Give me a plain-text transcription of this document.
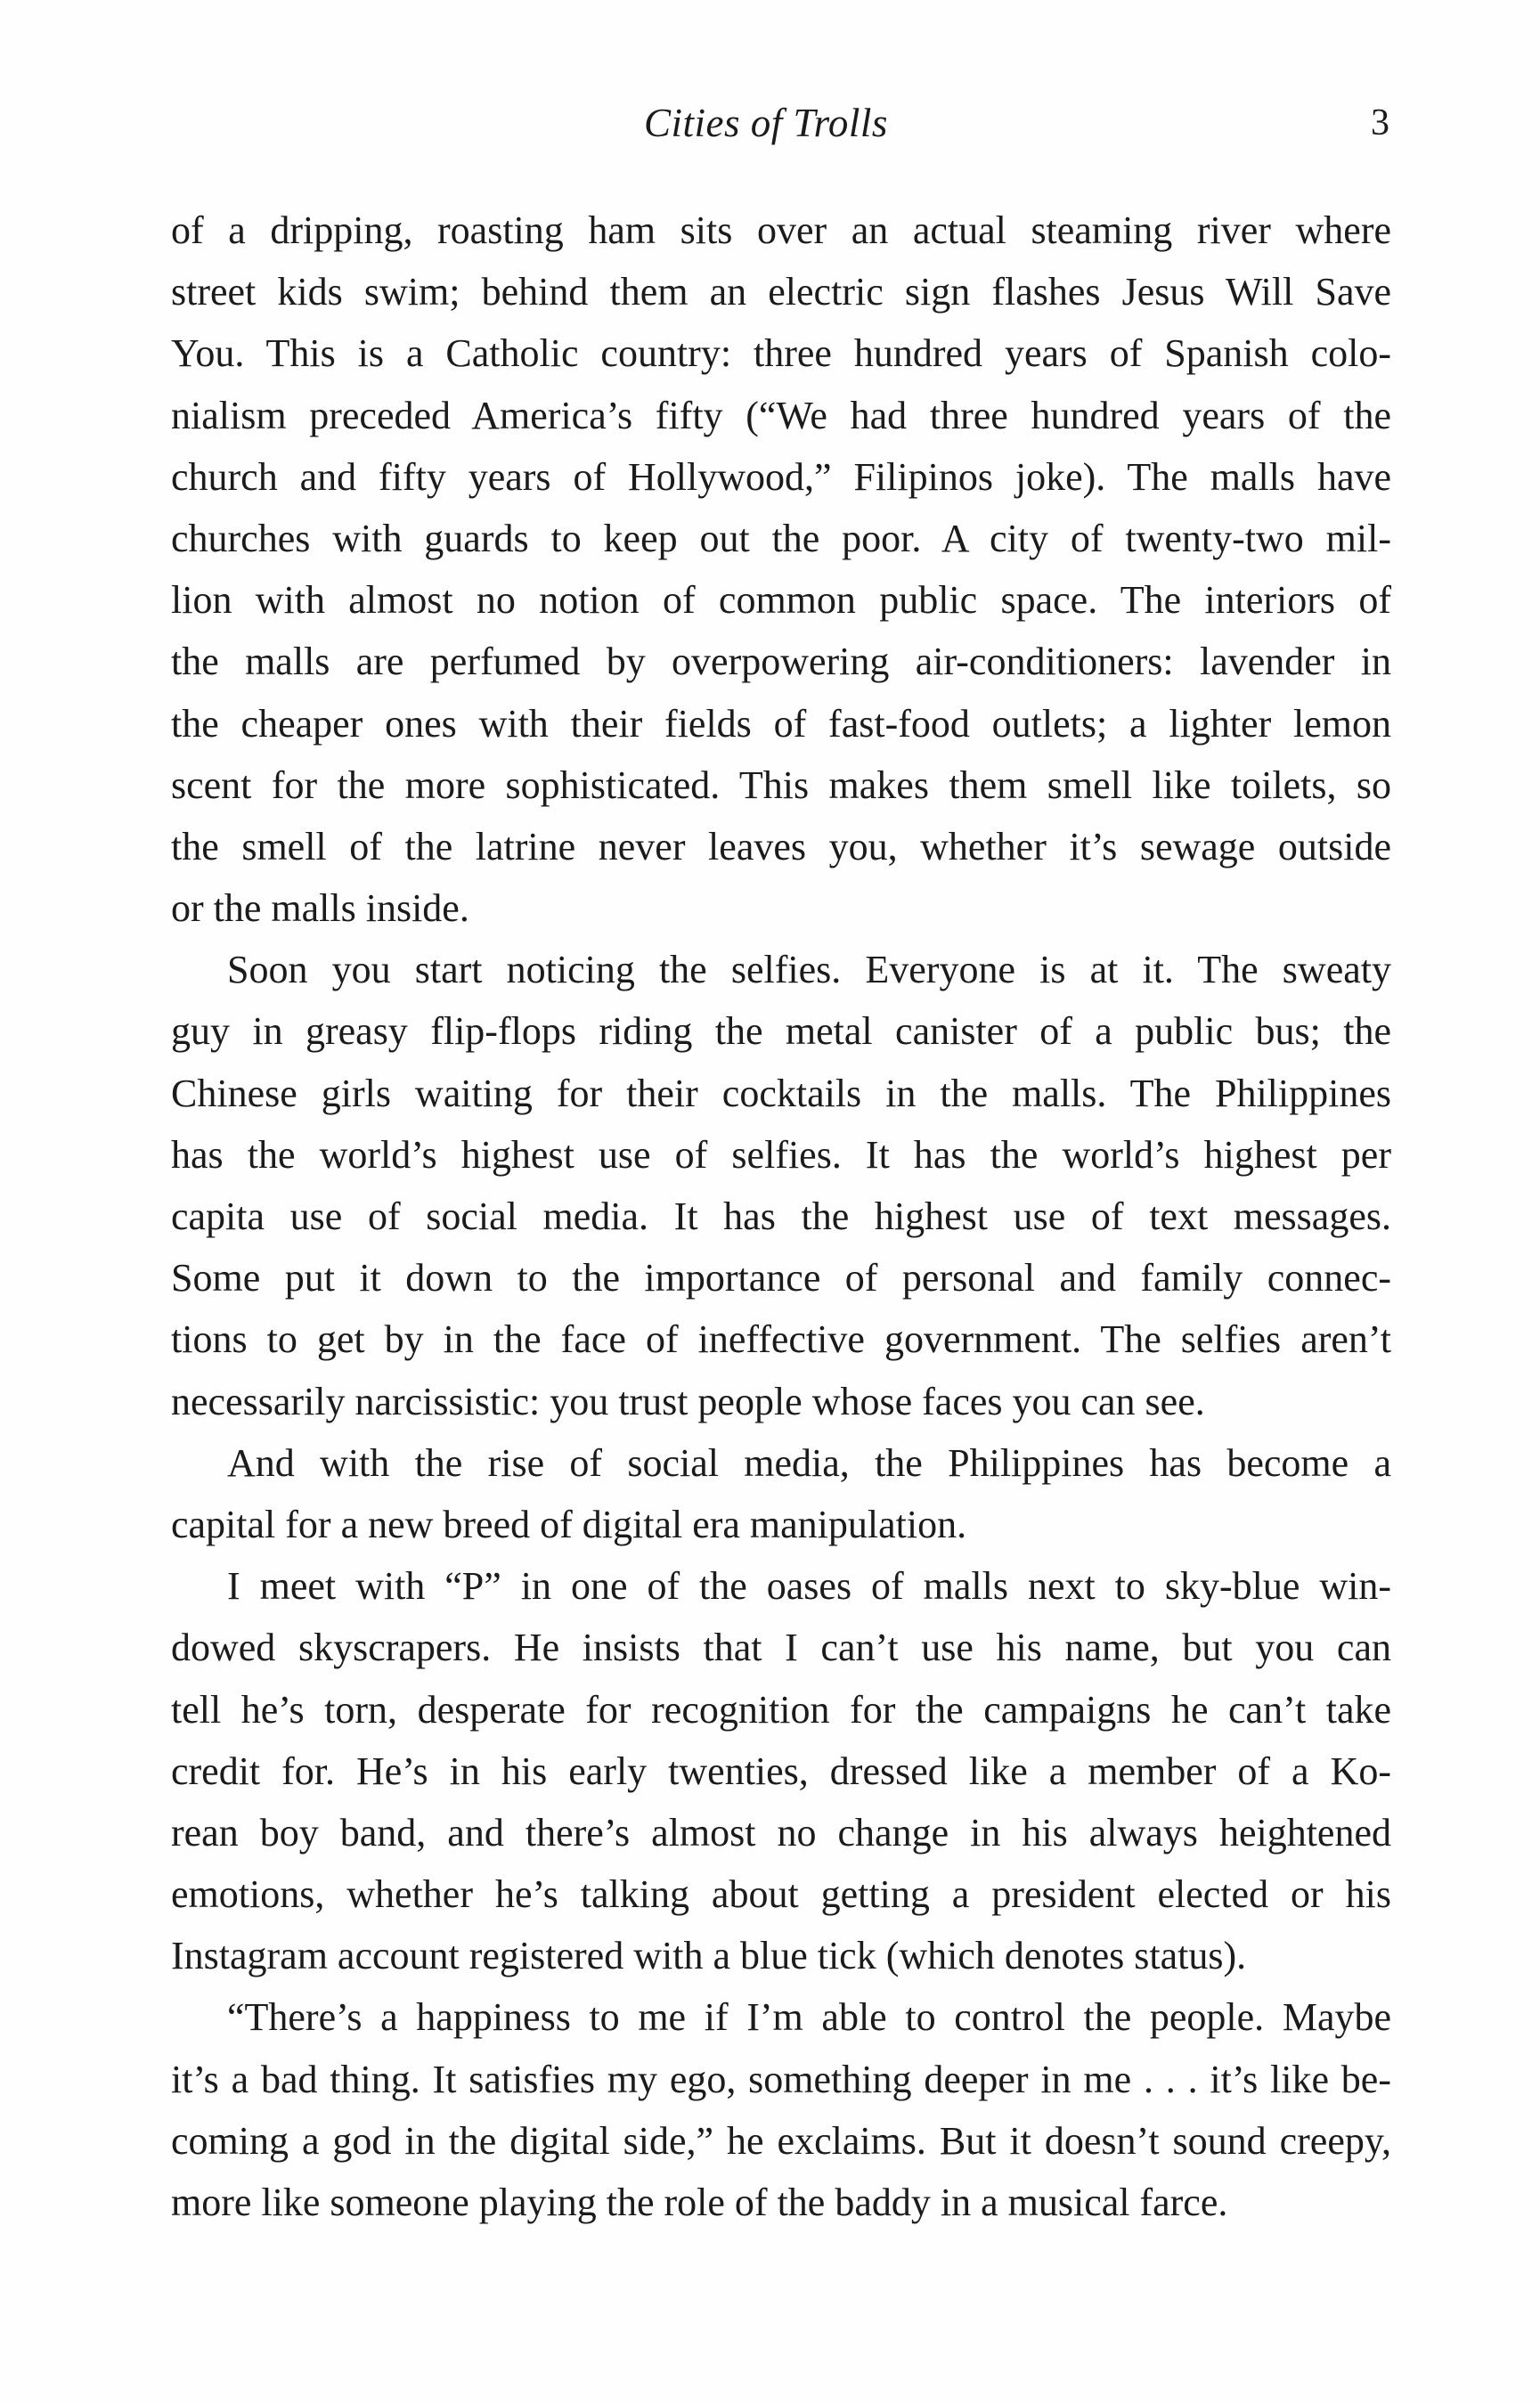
Cities of Trolls	3
of a dripping, roasting ham sits over an actual steaming river where
street kids swim; behind them an electric sign flashes Jesus Will Save
You. This is a Catholic country: three hundred years of Spanish colo-
nialism preceded America’s fifty (“We had three hundred years of the
church and fifty years of Hollywood,” Filipinos joke). The malls have
churches with guards to keep out the poor. A city of twenty-two mil-
lion with almost no notion of common public space. The interiors of
the malls are perfumed by overpowering air-conditioners: lavender in
the cheaper ones with their fields of fast-food outlets; a lighter lemon
scent for the more sophisticated. This makes them smell like toilets, so
the smell of the latrine never leaves you, whether it’s sewage outside
or the malls inside.
Soon you start noticing the selfies. Everyone is at it. The sweaty
guy in greasy flip-flops riding the metal canister of a public bus; the
Chinese girls waiting for their cocktails in the malls. The Philippines
has the world’s highest use of selfies. It has the world’s highest per
capita use of social media. It has the highest use of text messages.
Some put it down to the importance of personal and family connec-
tions to get by in the face of ineffective government. The selfies aren’t
necessarily narcissistic: you trust people whose faces you can see.
And with the rise of social media, the Philippines has become a
capital for a new breed of digital era manipulation.
I meet with “P” in one of the oases of malls next to sky-blue win-
dowed skyscrapers. He insists that I can’t use his name, but you can
tell he’s torn, desperate for recognition for the campaigns he can’t take
credit for. He’s in his early twenties, dressed like a member of a Ko-
rean boy band, and there’s almost no change in his always heightened
emotions, whether he’s talking about getting a president elected or his
Instagram account registered with a blue tick (which denotes status).
“There’s a happiness to me if I’m able to control the people. Maybe
it’s a bad thing. It satisfies my ego, something deeper in me . . . it’s like be-
coming a god in the digital side,” he exclaims. But it doesn’t sound creepy,
more like someone playing the role of the baddy in a musical farce.
